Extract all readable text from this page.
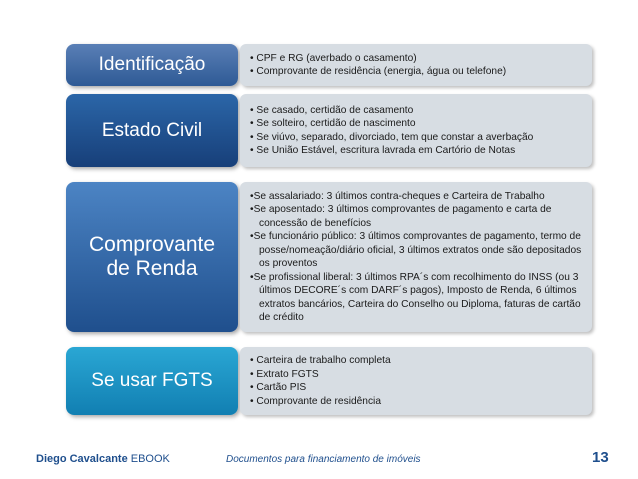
Identificação	• CPF e RG (averbado o casamento)
• Comprovante de residência (energia, água ou telefone)
Estado Civil
• Se casado, certidão de casamento
• Se solteiro, certidão de nascimento
• Se viúvo, separado, divorciado, tem que constar a averbação
• Se União Estável, escritura lavrada em Cartório de Notas
Comprovante
de Renda
•Se assalariado: 3 últimos contra-cheques e Carteira de Trabalho
•Se aposentado: 3 últimos comprovantes de pagamento e carta de concessão de benefícios
•Se funcionário público: 3 últimos comprovantes de pagamento, termo de posse/nomeação/diário oficial, 3 últimos extratos onde são depositados os proventos
•Se profissional liberal: 3 últimos RPA´s com recolhimento do INSS (ou 3 últimos DECORE´s com DARF´s pagos), Imposto de Renda, 6 últimos extratos bancários, Carteira do Conselho ou Diploma, faturas de cartão de crédito
Se usar FGTS
• Carteira de trabalho completa
• Extrato FGTS
• Cartão PIS
• Comprovante de residência
Diego Cavalcante EBOOK	Documentos para financiamento de imóveis	13
